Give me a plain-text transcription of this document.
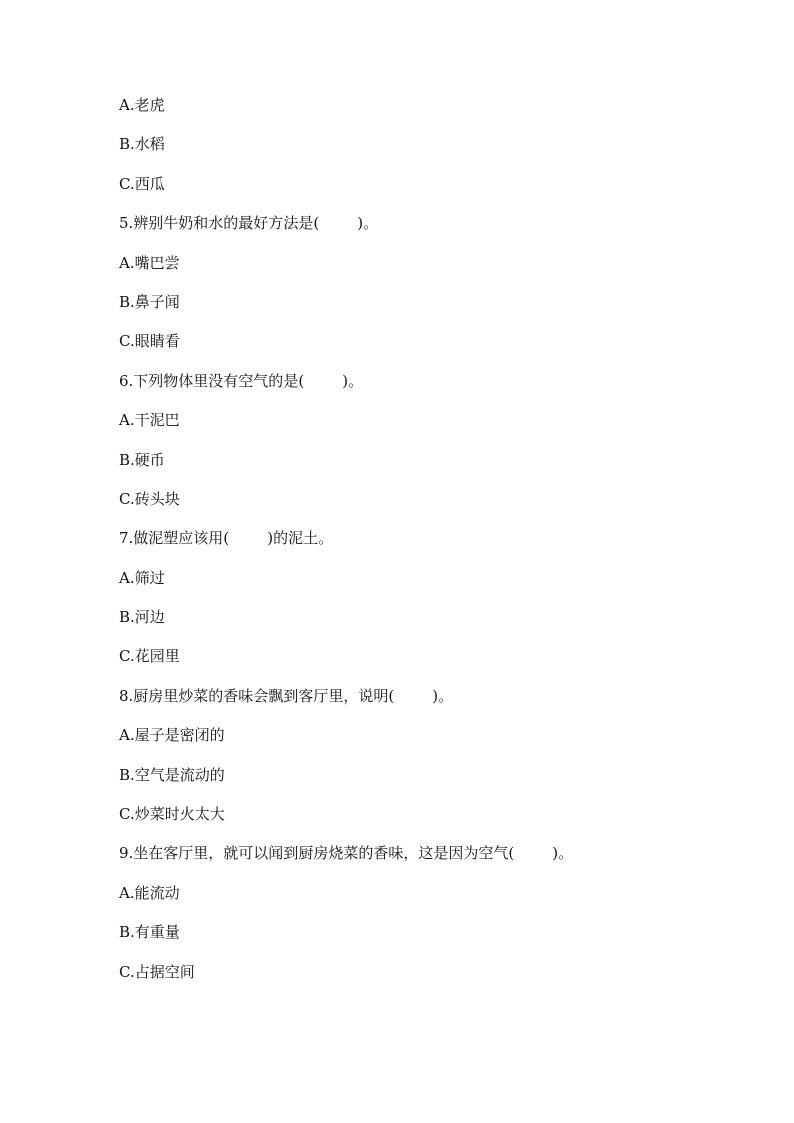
A.老虎
B.水稻
C.西瓜
5.辨别牛奶和水的最好方法是(        )。
A.嘴巴尝
B.鼻子闻
C.眼睛看
6.下列物体里没有空气的是(        )。
A.干泥巴
B.硬币
C.砖头块
7.做泥塑应该用(        )的泥土。
A.筛过
B.河边
C.花园里
8.厨房里炒菜的香味会飘到客厅里，说明(        )。
A.屋子是密闭的
B.空气是流动的
C.炒菜时火太大
9.坐在客厅里，就可以闻到厨房烧菜的香味，这是因为空气(        )。
A.能流动
B.有重量
C.占据空间
